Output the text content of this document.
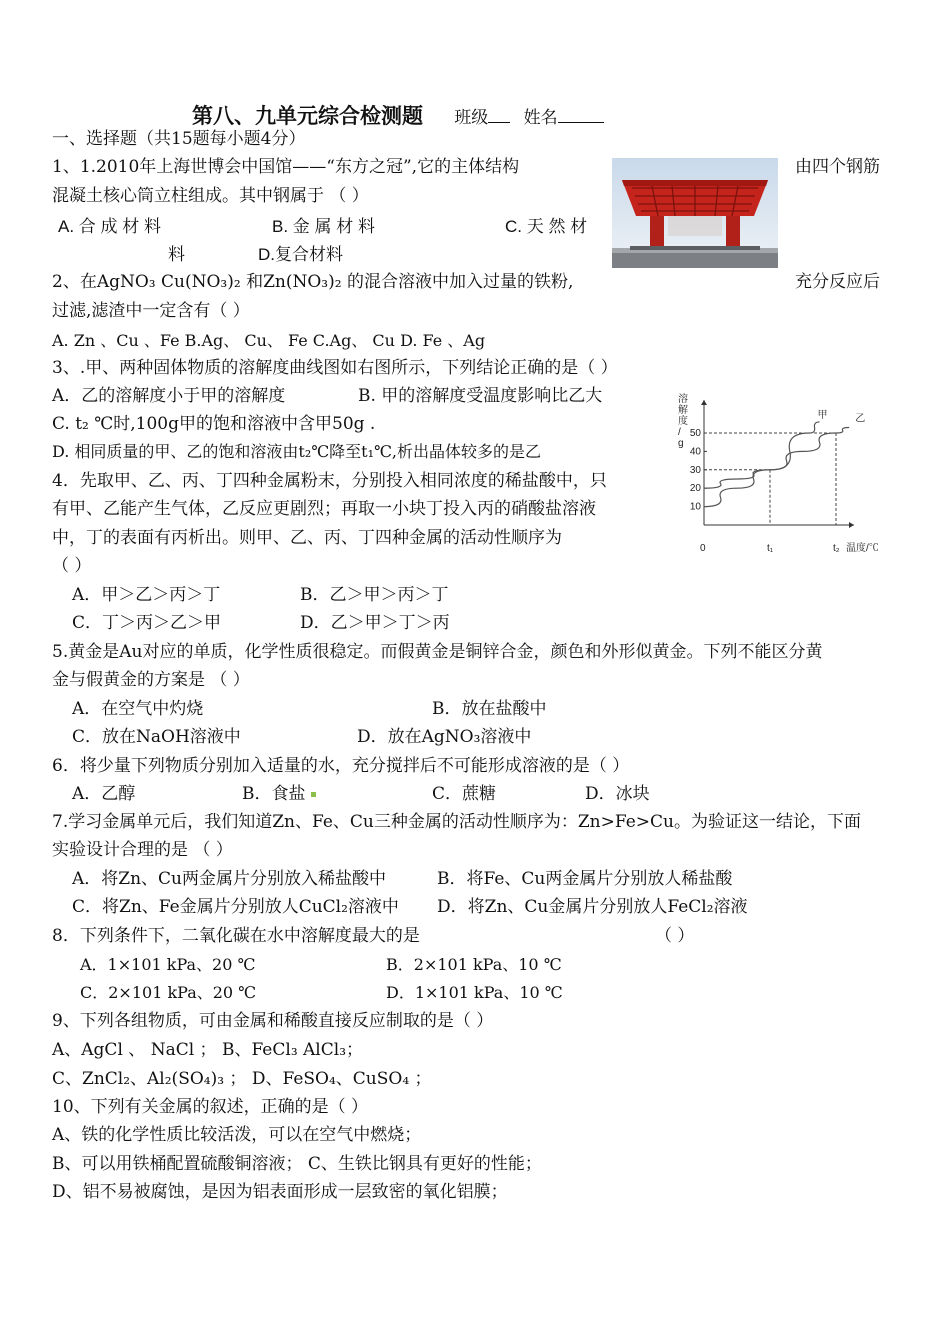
第八、九单元综合检测题 班级 姓名
一、选择题（共15题每小题4分）
1、1.2010年上海世博会中国馆——“东方之冠”,它的主体结构	由四个钢筋
混凝土核心筒立柱组成。其中钢属于 （ ）
A. 合 成 材 料	B. 金 属 材 料	C. 天 然 材
料	D.复合材料
2、在AgNO₃ Cu(NO₃)₂ 和Zn(NO₃)₂ 的混合溶液中加入过量的铁粉,	充分反应后
过滤,滤渣中一定含有（ ）
A. Zn 、Cu 、Fe B.Ag、 Cu、 Fe C.Ag、 Cu D. Fe 、Ag
3、.甲、两种固体物质的溶解度曲线图如右图所示，下列结论正确的是（ ）
A．乙的溶解度小于甲的溶解度	B. 甲的溶解度受温度影响比乙大
C. t₂ ℃时,100g甲的饱和溶液中含甲50g .
D. 相同质量的甲、乙的饱和溶液由t₂℃降至t₁℃,析出晶体较多的是乙
溶
解
度
/
g
10
20
30
40
50
0	t₁	t₂ 温度/℃
甲	乙
4．先取甲、乙、丙、丁四种金属粉末，分别投入相同浓度的稀盐酸中，只
有甲、乙能产生气体，乙反应更剧烈；再取一小块丁投入丙的硝酸盐溶液
中，丁的表面有丙析出。则甲、乙、丙、丁四种金属的活动性顺序为
（ ）
A．甲＞乙＞丙＞丁	B．乙＞甲＞丙＞丁
C．丁＞丙＞乙＞甲	D．乙＞甲＞丁＞丙
5.黄金是Au对应的单质，化学性质很稳定。而假黄金是铜锌合金，颜色和外形似黄金。下列不能区分黄
金与假黄金的方案是 （ ）
A．在空气中灼烧	B．放在盐酸中
C．放在NaOH溶液中	D．放在AgNO₃溶液中
6．将少量下列物质分别加入适量的水，充分搅拌后不可能形成溶液的是（ ）
A．乙醇	B．食盐	C．蔗糖	D．冰块
7.学习金属单元后，我们知道Zn、Fe、Cu三种金属的活动性顺序为：Zn>Fe>Cu。为验证这一结论，下面
实验设计合理的是 （ ）
A．将Zn、Cu两金属片分别放入稀盐酸中	B．将Fe、Cu两金属片分别放人稀盐酸
C．将Zn、Fe金属片分别放人CuCl₂溶液中 D．将Zn、Cu金属片分别放人FeCl₂溶液
8．下列条件下，二氧化碳在水中溶解度最大的是	（ ）
A．1×101 kPa、20 ℃	B．2×101 kPa、10 ℃
C．2×101 kPa、20 ℃	D．1×101 kPa、10 ℃
9、下列各组物质，可由金属和稀酸直接反应制取的是（ ）
A、AgCl 、 NaCl ； B、FeCl₃ AlCl₃；
C、ZnCl₂、Al₂(SO₄)₃ ； D、FeSO₄、CuSO₄ ；
10、下列有关金属的叙述，正确的是（ ）
A、铁的化学性质比较活泼，可以在空气中燃烧；
B、可以用铁桶配置硫酸铜溶液； C、生铁比钢具有更好的性能；
D、铝不易被腐蚀，是因为铝表面形成一层致密的氧化铝膜；
